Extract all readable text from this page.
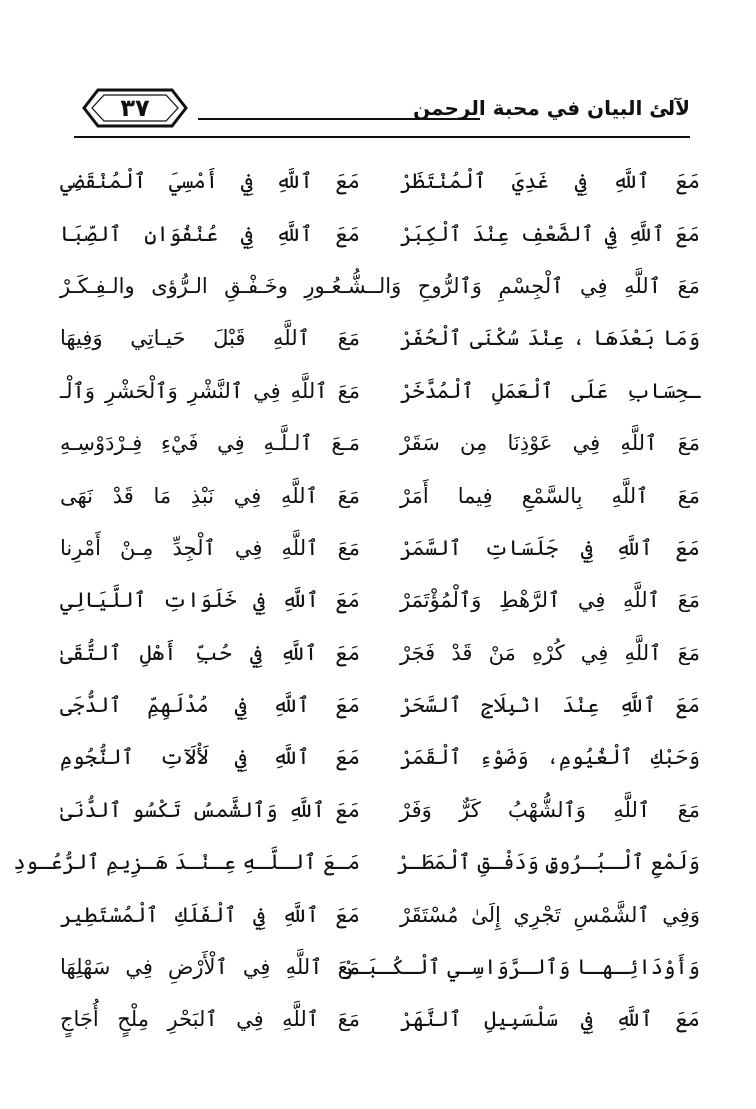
٣٧	لآلئ البيان في محبة الرحمن
مَعَ ٱللَّهِ فِي أَمْسِيَ ٱلْمُنْقَضِي مَعَ ٱللَّهِ فِي غَدِيَ ٱلْمُنْتَظَرْ
مَعَ ٱللَّهِ فِي عُنْفُوَانِ ٱلصِّبَا مَعَ ٱللَّهِ فِي ٱلضَّعْفِ عِنْدَ ٱلْكِبَرْ
مَعَ ٱللَّهِ فِي ٱلْجِسْمِ وَٱلرُّوحِ وَالــشُّـعُـورِ وخَـفْـقِ الـرُّؤى والـفِـكَـرْ
مَعَ ٱللَّهِ قَبْلَ حَيـاتِي وَفِيهَا وَمَا بَعْدَهَا ، عِنْدَ سُكْنَى ٱلْحُفَرْ
مَعَ ٱللَّهِ فِي ٱلنَّشْرِ وَٱلْحَشْرِ وَٱلْـ ـحِسَابِ عَلَى ٱلْعَمَلِ ٱلْمُدَّخَرْ
مَـعَ ٱلـلَّـهِ فِي فَيْءِ فِـرْدَوْسِـهِ مَعَ ٱللَّهِ فِي عَوْذِنَا مِن سَقَرْ
مَعَ ٱللَّهِ فِي نَبْذِ مَا قَدْ نَهَى مَعَ ٱللَّهِ بِالسَّمْعِ فِيما أَمَرْ
مَعَ ٱللَّهِ فِي ٱلْجِدِّ مِـنْ أَمْرِنا مَعَ ٱللَّهِ فِي جَلَسَاتِ ٱلسَّمَرْ
مَعَ ٱللَّهِ فِي خَلَوَاتِ ٱللَّيَالِي مَعَ ٱللَّهِ فِي ٱلرَّهْطِ وَٱلْمُؤْتَمَرْ
مَعَ ٱللَّهِ فِي حُبِّ أَهْلِ ٱلتُّقَىٰ مَعَ ٱللَّهِ فِي كُرْهِ مَنْ قَدْ فَجَرْ
مَعَ ٱللَّهِ فِي مُدْلَهِمِّ ٱلدُّجَى مَعَ ٱللَّهِ عِنْدَ انْبِلَاجِ ٱلسَّحَرْ
مَعَ ٱللَّهِ فِي لَأْلَآتِ ٱلنُّجُومِ وَحَبْكِ ٱلْغُيُومِ، وَضَوْءِ ٱلْقَمَرْ
مَعَ ٱللَّهِ وَٱلشَّمسُ تَكْسُو ٱلدُّنَىٰ مَعَ ٱللَّهِ وَٱلشُّهْبُ كَرٌّ وَفَرْ
مَـعَ ٱلـلَّـهِ عِـنْـدَ هَـزِيمِ ٱلرُّعُـودِ وَلَمْعِ ٱلْـبُـرُوقِ وَدَفْـقِ ٱلْمَطَـرْ
مَعَ ٱللَّهِ فِي ٱلْفَلَكِ ٱلْمُسْتَطِير وَفِي ٱلشَّمْسِ تَجْرِي إِلَىٰ مُسْتَقَرْ
مَعَ ٱللَّهِ فِي ٱلْأَرْضِ فِي سَهْلِهَا
وَأَوْدَائِـهـا وَٱلـرَّوَاسِـي ٱلْـكُـبَـرْ
مَعَ ٱللَّهِ فِي ٱلبَحْرِ مِلْحٍ أُجَاجٍ مَعَ ٱللَّهِ فِي سَلْسَبِيلِ ٱلنَّهَرْ
